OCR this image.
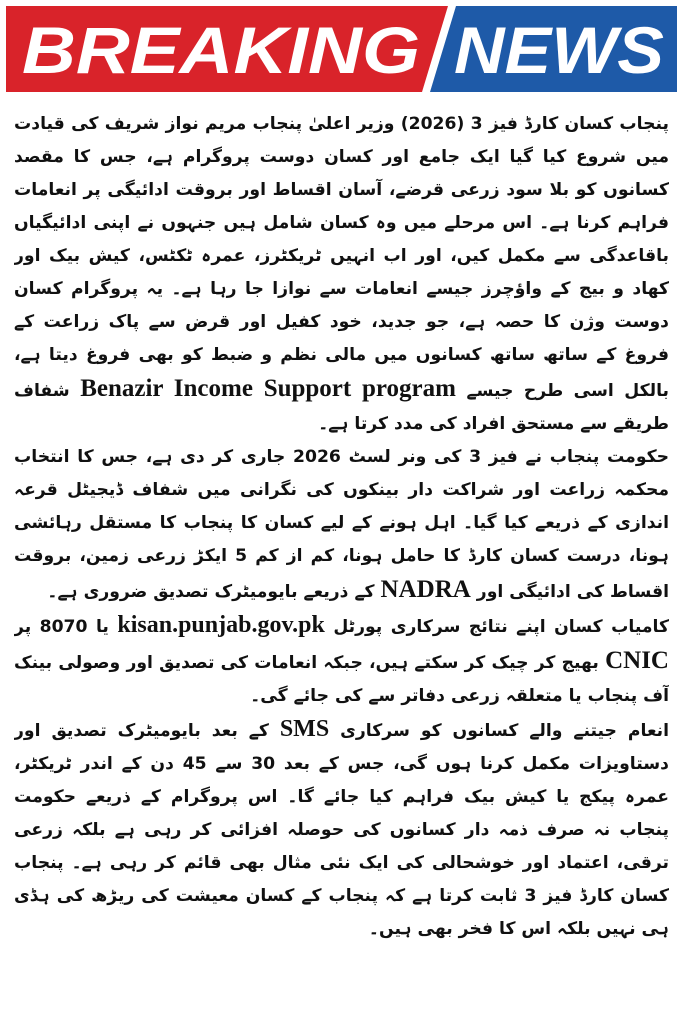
BREAKING NEWS

پنجاب کسان کارڈ فیز 3 (2026) وزیر اعلیٰ پنجاب مریم نواز شریف کی قیادت میں شروع کیا گیا ایک جامع اور کسان دوست پروگرام ہے، جس کا مقصد کسانوں کو بلا سود زرعی قرضے، آسان اقساط اور بروقت ادائیگی پر انعامات فراہم کرنا ہے۔ اس مرحلے میں وہ کسان شامل ہیں جنہوں نے اپنی ادائیگیاں باقاعدگی سے مکمل کیں، اور اب انہیں ٹریکٹرز، عمرہ ٹکٹس، کیش بیک اور کھاد و بیج کے واؤچرز جیسے انعامات سے نوازا جا رہا ہے۔ یہ پروگرام کسان دوست وژن کا حصہ ہے، جو جدید، خود کفیل اور قرض سے پاک زراعت کے فروغ کے ساتھ ساتھ کسانوں میں مالی نظم و ضبط کو بھی فروغ دیتا ہے، بالکل اسی طرح جیسے Benazir Income Support program شفاف طریقے سے مستحق افراد کی مدد کرتا ہے۔

حکومت پنجاب نے فیز 3 کی ونر لسٹ 2026 جاری کر دی ہے، جس کا انتخاب محکمہ زراعت اور شراکت دار بینکوں کی نگرانی میں شفاف ڈیجیٹل قرعہ اندازی کے ذریعے کیا گیا۔ اہل ہونے کے لیے کسان کا پنجاب کا مستقل رہائشی ہونا، درست کسان کارڈ کا حامل ہونا، کم از کم 5 ایکڑ زرعی زمین، بروقت اقساط کی ادائیگی اور NADRA کے ذریعے بایومیٹرک تصدیق ضروری ہے۔

کامیاب کسان اپنے نتائج سرکاری پورٹل kisan.punjab.gov.pk یا 8070 پر CNIC بھیج کر چیک کر سکتے ہیں، جبکہ انعامات کی تصدیق اور وصولی بینک آف پنجاب یا متعلقہ زرعی دفاتر سے کی جائے گی۔

انعام جیتنے والے کسانوں کو سرکاری SMS کے بعد بایومیٹرک تصدیق اور دستاویزات مکمل کرنا ہوں گی، جس کے بعد 30 سے 45 دن کے اندر ٹریکٹر، عمرہ پیکج یا کیش بیک فراہم کیا جائے گا۔ اس پروگرام کے ذریعے حکومت پنجاب نہ صرف ذمہ دار کسانوں کی حوصلہ افزائی کر رہی ہے بلکہ زرعی ترقی، اعتماد اور خوشحالی کی ایک نئی مثال بھی قائم کر رہی ہے۔ پنجاب کسان کارڈ فیز 3 ثابت کرتا ہے کہ پنجاب کے کسان معیشت کی ریڑھ کی ہڈی ہی نہیں بلکہ اس کا فخر بھی ہیں۔
